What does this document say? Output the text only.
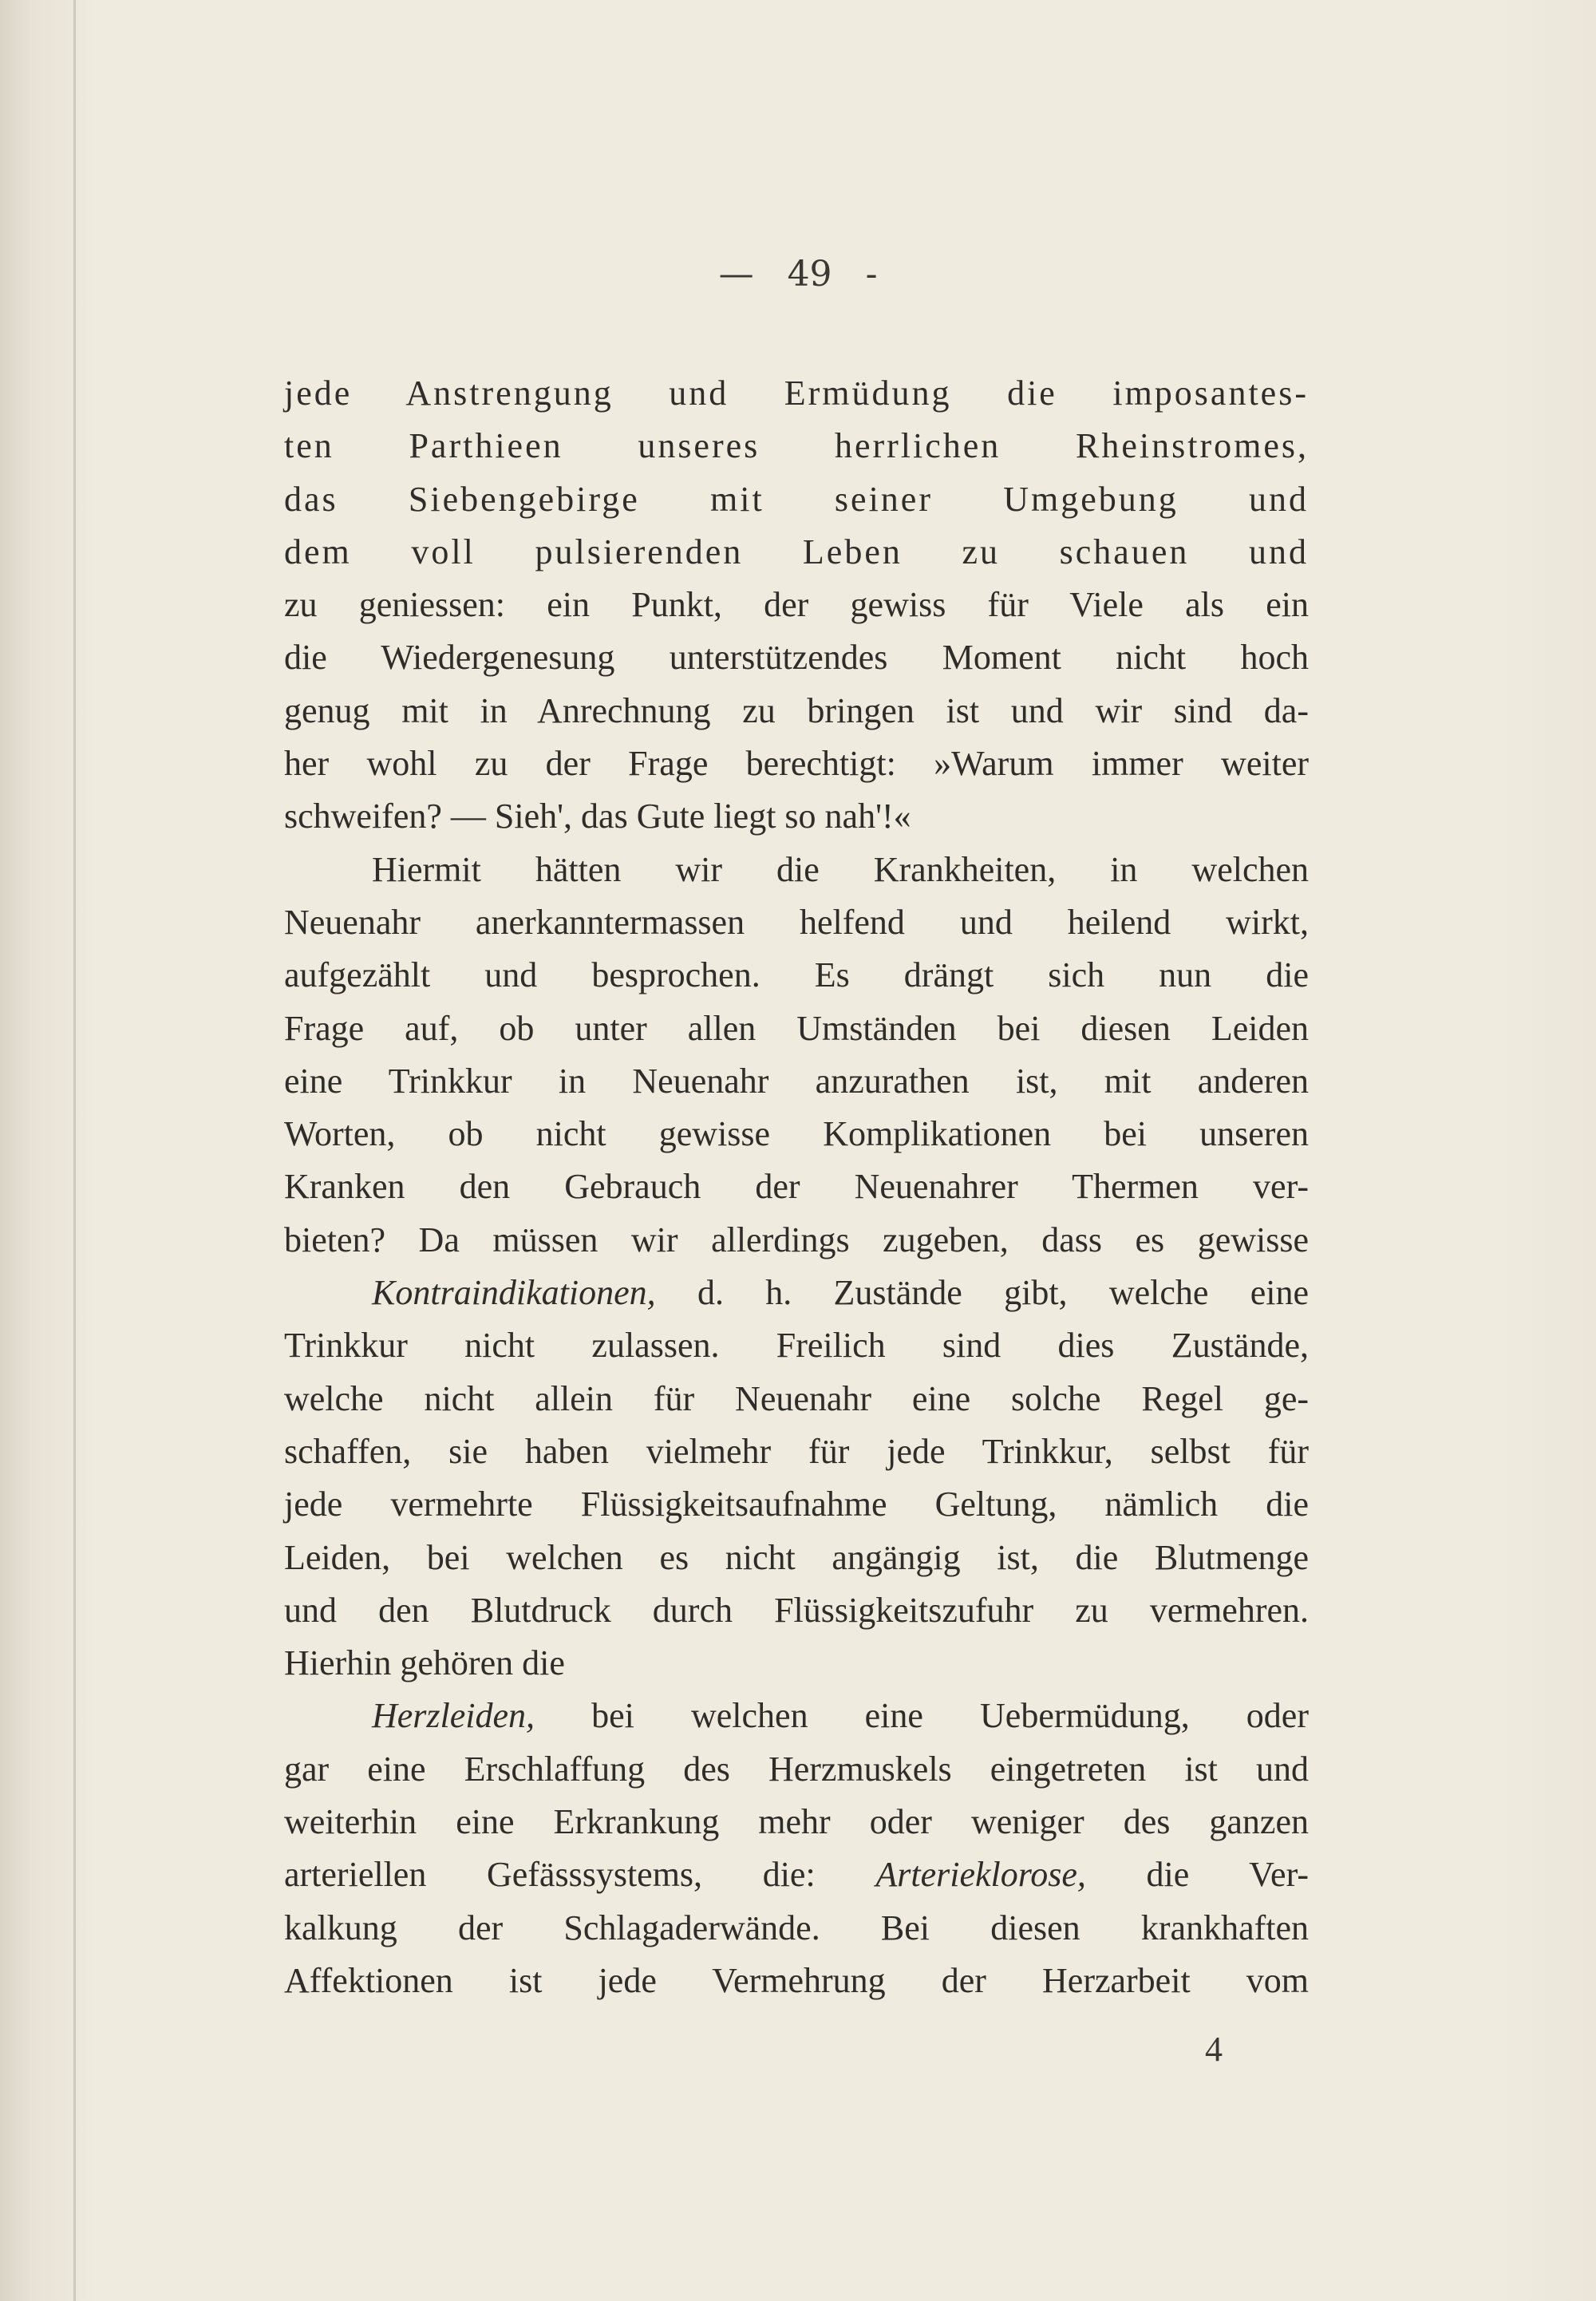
— 49 -
jede Anstrengung und Ermüdung die imposantes-
ten Parthieen unseres herrlichen Rheinstromes,
das Siebengebirge mit seiner Umgebung und
dem voll pulsierenden Leben zu schauen und
zu geniessen: ein Punkt, der gewiss für Viele als ein
die Wiedergenesung unterstützendes Moment nicht hoch
genug mit in Anrechnung zu bringen ist und wir sind da-
her wohl zu der Frage berechtigt: »Warum immer weiter
schweifen? — Sieh', das Gute liegt so nah'!«
Hiermit hätten wir die Krankheiten, in welchen
Neuenahr anerkanntermassen helfend und heilend wirkt,
aufgezählt und besprochen. Es drängt sich nun die
Frage auf, ob unter allen Umständen bei diesen Leiden
eine Trinkkur in Neuenahr anzurathen ist, mit anderen
Worten, ob nicht gewisse Komplikationen bei unseren
Kranken den Gebrauch der Neuenahrer Thermen ver-
bieten? Da müssen wir allerdings zugeben, dass es gewisse
Kontraindikationen, d. h. Zustände gibt, welche eine
Trinkkur nicht zulassen. Freilich sind dies Zustände,
welche nicht allein für Neuenahr eine solche Regel ge-
schaffen, sie haben vielmehr für jede Trinkkur, selbst für
jede vermehrte Flüssigkeitsaufnahme Geltung, nämlich die
Leiden, bei welchen es nicht angängig ist, die Blutmenge
und den Blutdruck durch Flüssigkeitszufuhr zu vermehren.
Hierhin gehören die
Herzleiden, bei welchen eine Uebermüdung, oder
gar eine Erschlaffung des Herzmuskels eingetreten ist und
weiterhin eine Erkrankung mehr oder weniger des ganzen
arteriellen Gefässsystems, die: Arterieklorose, die Ver-
kalkung der Schlagaderwände. Bei diesen krankhaften
Affektionen ist jede Vermehrung der Herzarbeit vom
4
